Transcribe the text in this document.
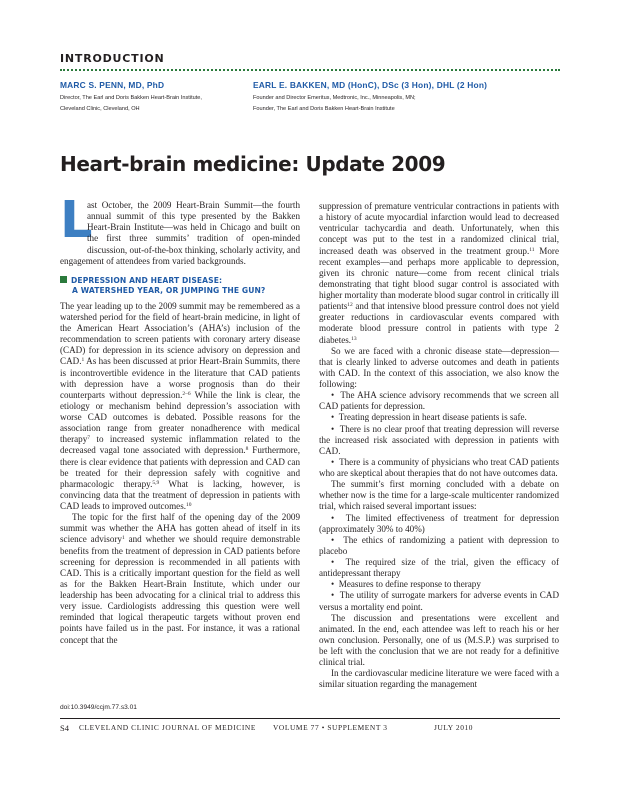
INTRODUCTION
MARC S. PENN, MD, PhD
Director, The Earl and Doris Bakken Heart-Brain Institute,
Cleveland Clinic, Cleveland, OH
EARL E. BAKKEN, MD (HonC), DSc (3 Hon), DHL (2 Hon)
Founder and Director Emeritus, Medtronic, Inc., Minneapolis, MN;
Founder, The Earl and Doris Bakken Heart-Brain Institute
Heart-brain medicine: Update 2009

L
ast October, the 2009 Heart-Brain Summit—the fourth annual summit of this type presented by the Bakken Heart-Brain Institute—was held in Chicago and built on the first three summits’ tradition of open-minded discussion, out-of-the-box thinking, scholarly activity, and engagement of attendees from varied backgrounds.

DEPRESSION AND HEART DISEASE:
A WATERSHED YEAR, OR JUMPING THE GUN?

The year leading up to the 2009 summit may be remembered as a watershed period for the field of heart-brain medicine, in light of the American Heart Association’s (AHA’s) inclusion of the recommendation to screen patients with coronary artery disease (CAD) for depression in its science advisory on depression and CAD.$^1$ As has been discussed at prior Heart-Brain Summits, there is incontrovertible evidence in the literature that CAD patients with depression have a worse prognosis than do their counterparts without depression.$^{2-6}$ While the link is clear, the etiology or mechanism behind depression’s association with worse CAD outcomes is debated. Possible reasons for the association range from greater nonadherence with medical therapy$^7$ to increased systemic inflammation related to the decreased vagal tone associated with depression.$^8$ Furthermore, there is clear evidence that patients with depression and CAD can be treated for their depression safely with cognitive and pharmacologic therapy.$^{5,9}$ What is lacking, however, is convincing data that the treatment of depression in patients with CAD leads to improved outcomes.$^{10}$

The topic for the first half of the opening day of the 2009 summit was whether the AHA has gotten ahead of itself in its science advisory$^1$ and whether we should require demonstrable benefits from the treatment of depression in CAD patients before screening for depression is recommended in all patients with CAD. This is a critically important question for the field as well as for the Bakken Heart-Brain Institute, which under our leadership has been advocating for a clinical trial to address this very issue. Cardiologists addressing this question were well reminded that logical therapeutic targets without proven end points have failed us in the past. For instance, it was a rational concept that the

suppression of premature ventricular contractions in patients with a history of acute myocardial infarction would lead to decreased ventricular tachycardia and death. Unfortunately, when this concept was put to the test in a randomized clinical trial, increased death was observed in the treatment group.$^{11}$ More recent examples—and perhaps more applicable to depression, given its chronic nature—come from recent clinical trials demonstrating that tight blood sugar control is associated with higher mortality than moderate blood sugar control in critically ill patients$^{12}$ and that intensive blood pressure control does not yield greater reductions in cardiovascular events compared with moderate blood pressure control in patients with type 2 diabetes.$^{13}$

So we are faced with a chronic disease state—depression—that is clearly linked to adverse outcomes and death in patients with CAD. In the context of this association, we also know the following:

•  The AHA science advisory recommends that we screen all CAD patients for depression.

•  Treating depression in heart disease patients is safe.

•  There is no clear proof that treating depression will reverse the increased risk associated with depression in patients with CAD.

•  There is a community of physicians who treat CAD patients who are skeptical about therapies that do not have outcomes data.

The summit’s first morning concluded with a debate on whether now is the time for a large-scale multicenter randomized trial, which raised several important issues:

•  The limited effectiveness of treatment for depression (approximately 30% to 40%)

•  The ethics of randomizing a patient with depression to placebo

•  The required size of the trial, given the efficacy of antidepressant therapy

•  Measures to define response to therapy

•  The utility of surrogate markers for adverse events in CAD versus a mortality end point.

The discussion and presentations were excellent and animated. In the end, each attendee was left to reach his or her own conclusion. Personally, one of us (M.S.P.) was surprised to be left with the conclusion that we are not ready for a definitive clinical trial.

In the cardiovascular medicine literature we were faced with a similar situation regarding the management

doi:10.3949/ccjm.77.s3.01
S4 CLEVELAND CLINIC JOURNAL OF MEDICINE VOLUME 77 • SUPPLEMENT 3	JULY 2010
